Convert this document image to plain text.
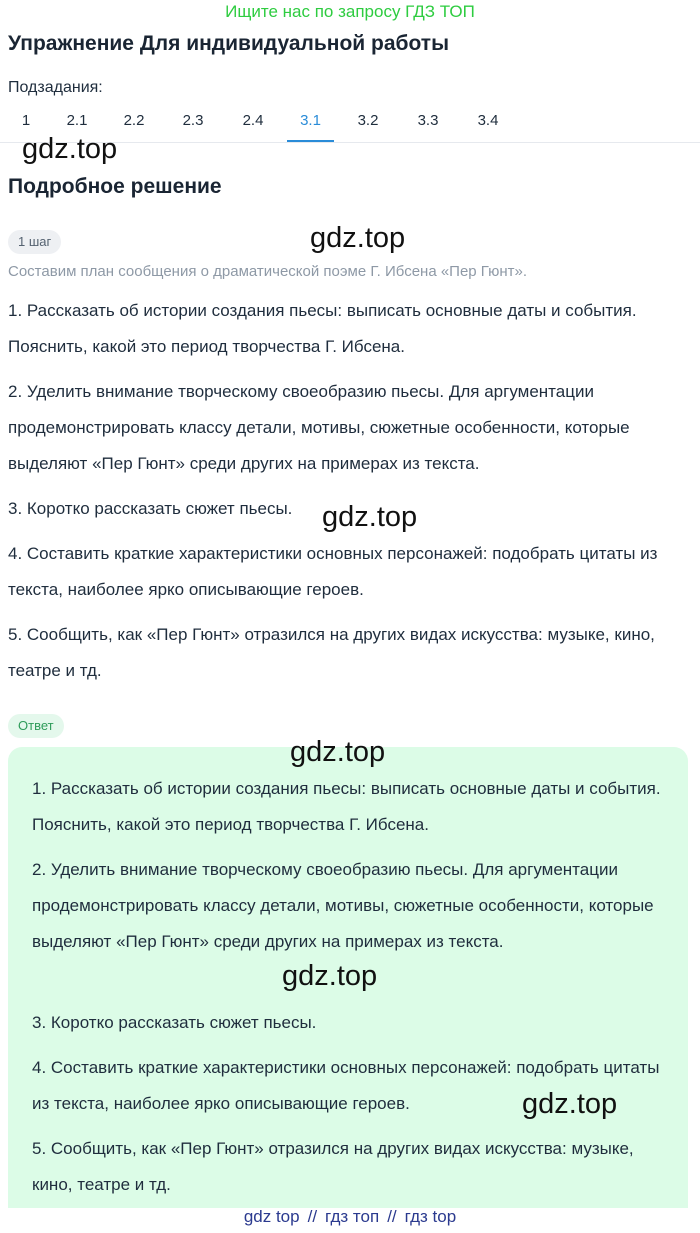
Ищите нас по запросу ГДЗ ТОП
Упражнение Для индивидуальной работы
Подзадания:
1	2.1	2.2	2.3	2.4	3.1	3.2	3.3	3.4
gdz.top
Подробное решение
1 шаг	gdz.top
Составим план сообщения о драматической поэме Г. Ибсена «Пер Гюнт».

1. Рассказать об истории создания пьесы: выписать основные даты и события. Пояснить, какой это период творчества Г. Ибсена.

2. Уделить внимание творческому своеобразию пьесы. Для аргументации продемонстрировать классу детали, мотивы, сюжетные особенности, которые выделяют «Пер Гюнт» среди других на примерах из текста.

3. Коротко рассказать сюжет пьесы.	gdz.top

4. Составить краткие характеристики основных персонажей: подобрать цитаты из текста, наиболее ярко описывающие героев.

5. Сообщить, как «Пер Гюнт» отразился на других видах искусства: музыке, кино, театре и тд.

Ответ
gdz.top

1. Рассказать об истории создания пьесы: выписать основные даты и события. Пояснить, какой это период творчества Г. Ибсена.

2. Уделить внимание творческому своеобразию пьесы. Для аргументации продемонстрировать классу детали, мотивы, сюжетные особенности, которые выделяют «Пер Гюнт» среди других на примерах из текста.

gdz.top

3. Коротко рассказать сюжет пьесы.

4. Составить краткие характеристики основных персонажей: подобрать цитаты из текста, наиболее ярко описывающие героев.	gdz.top

5. Сообщить, как «Пер Гюнт» отразился на других видах искусства: музыке, кино, театре и тд.

gdz top // гдз топ // гдз top
